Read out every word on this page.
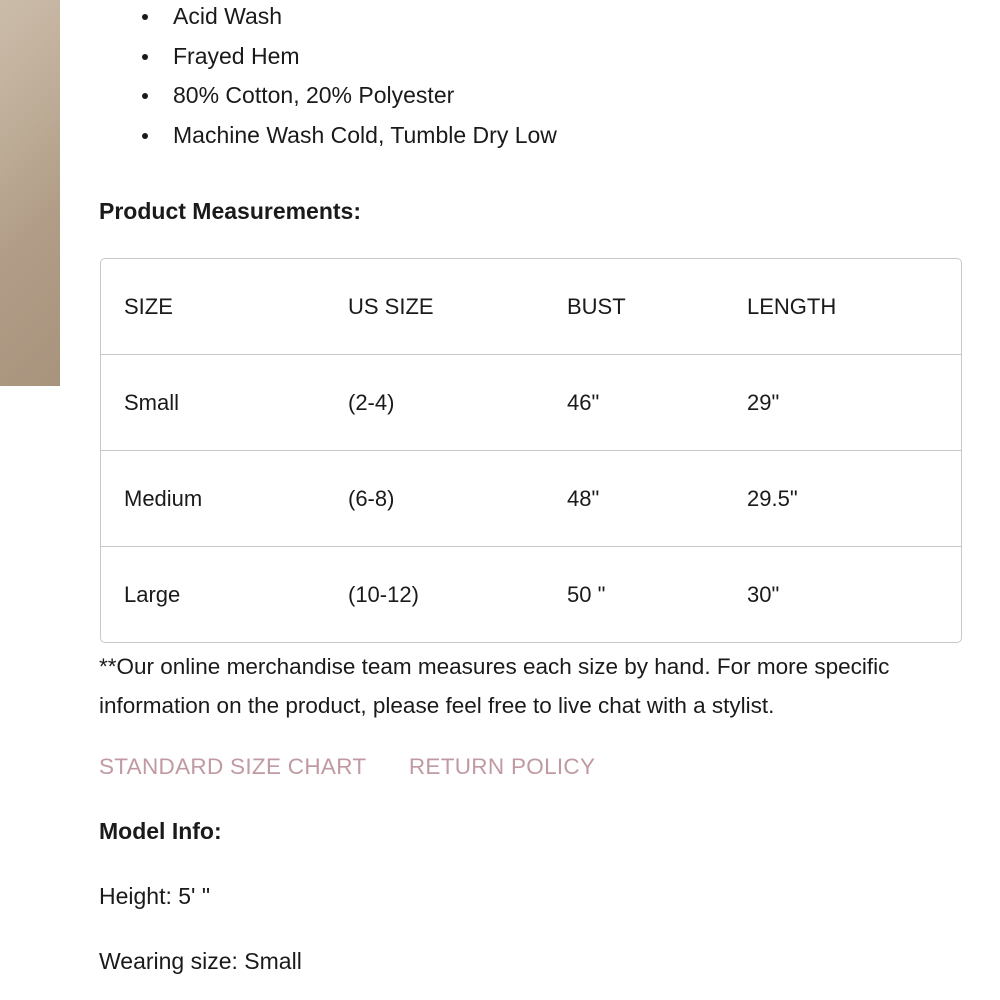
Acid Wash
Frayed Hem
80% Cotton, 20% Polyester
Machine Wash Cold, Tumble Dry Low
Product Measurements:
SIZE	US SIZE	BUST	LENGTH
Small	(2-4)	46"	29"
Medium	(6-8)	48"	29.5"
Large	(10-12)	50 "	30"
**Our online merchandise team measures each size by hand. For more specific information on the product, please feel free to live chat with a stylist.
STANDARD SIZE CHART RETURN POLICY
Model Info:
Height: 5' "
Wearing size: Small
